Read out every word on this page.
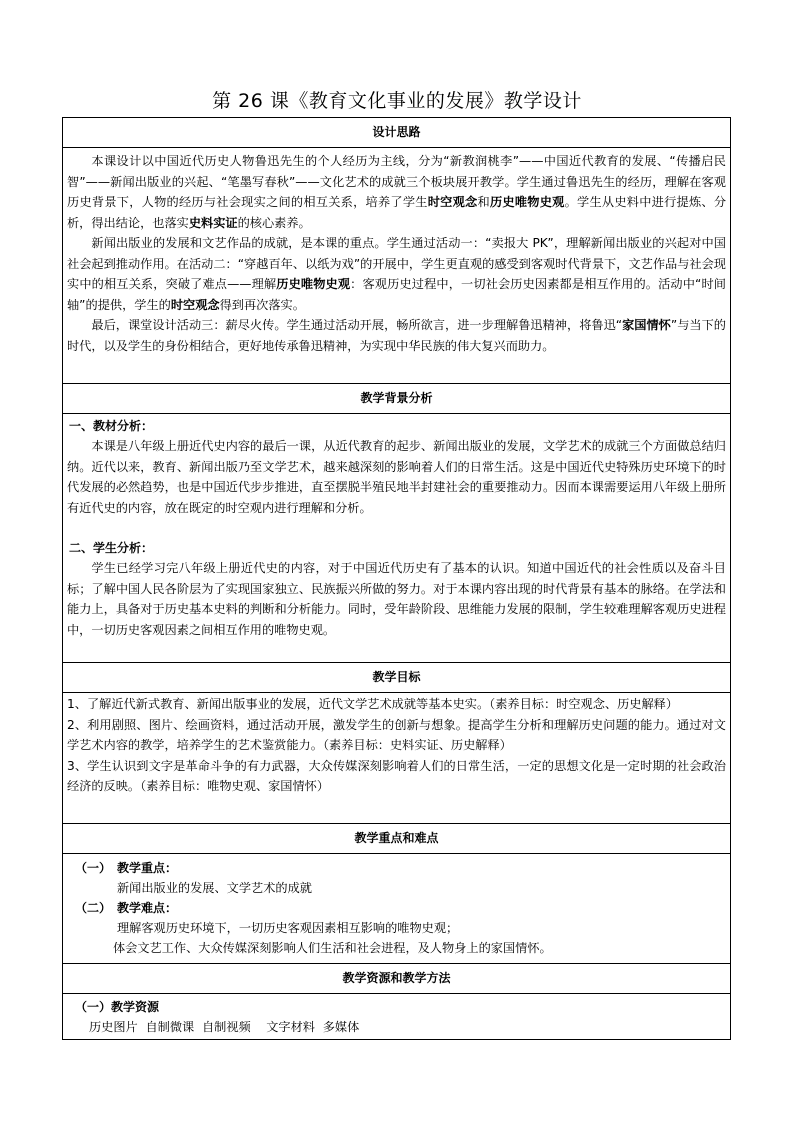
第 26 课《教育文化事业的发展》教学设计
设计思路

本课设计以中国近代历史人物鲁迅先生的个人经历为主线，分为“新教润桃李”——中国近代教育的发展、“传播启民智”——新闻出版业的兴起、“笔墨写春秋”——文化艺术的成就三个板块展开教学。学生通过鲁迅先生的经历，理解在客观历史背景下，人物的经历与社会现实之间的相互关系，培养了学生时空观念和历史唯物史观。学生从史料中进行提炼、分析，得出结论，也落实史料实证的核心素养。

新闻出版业的发展和文艺作品的成就，是本课的重点。学生通过活动一：“卖报大 PK”，理解新闻出版业的兴起对中国社会起到推动作用。在活动二：“穿越百年、以纸为戏”的开展中，学生更直观的感受到客观时代背景下，文艺作品与社会现实中的相互关系，突破了难点——理解历史唯物史观：客观历史过程中，一切社会历史因素都是相互作用的。活动中“时间轴”的提供，学生的时空观念得到再次落实。

最后，课堂设计活动三：薪尽火传。学生通过活动开展，畅所欲言，进一步理解鲁迅精神，将鲁迅“家国情怀”与当下的时代，以及学生的身份相结合，更好地传承鲁迅精神，为实现中华民族的伟大复兴而助力。

教学背景分析

一、教材分析：

本课是八年级上册近代史内容的最后一课，从近代教育的起步、新闻出版业的发展，文学艺术的成就三个方面做总结归纳。近代以来，教育、新闻出版乃至文学艺术，越来越深刻的影响着人们的日常生活。这是中国近代史特殊历史环境下的时代发展的必然趋势，也是中国近代步步推进，直至摆脱半殖民地半封建社会的重要推动力。因而本课需要运用八年级上册所有近代史的内容，放在既定的时空观内进行理解和分析。

二、学生分析：

学生已经学习完八年级上册近代史的内容，对于中国近代历史有了基本的认识。知道中国近代的社会性质以及奋斗目标；了解中国人民各阶层为了实现国家独立、民族振兴所做的努力。对于本课内容出现的时代背景有基本的脉络。在学法和能力上，具备对于历史基本史料的判断和分析能力。同时，受年龄阶段、思维能力发展的限制，学生较难理解客观历史进程中，一切历史客观因素之间相互作用的唯物史观。

教学目标

1、了解近代新式教育、新闻出版事业的发展，近代文学艺术成就等基本史实。（素养目标：时空观念、历史解释）

2、利用剧照、图片、绘画资料，通过活动开展，激发学生的创新与想象。提高学生分析和理解历史问题的能力。通过对文学艺术内容的教学，培养学生的艺术鉴赏能力。（素养目标：史料实证、历史解释）

3、学生认识到文字是革命斗争的有力武器，大众传媒深刻影响着人们的日常生活，一定的思想文化是一定时期的社会政治经济的反映。（素养目标：唯物史观、家国情怀）

教学重点和难点

（一）　教学重点：

新闻出版业的发展、文学艺术的成就

（二）　教学难点：

理解客观历史环境下，一切历史客观因素相互影响的唯物史观；

体会文艺工作、大众传媒深刻影响人们生活和社会进程，及人物身上的家国情怀。

教学资源和教学方法

（一）教学资源

历史图片  自制微课  自制视频    文字材料  多媒体
